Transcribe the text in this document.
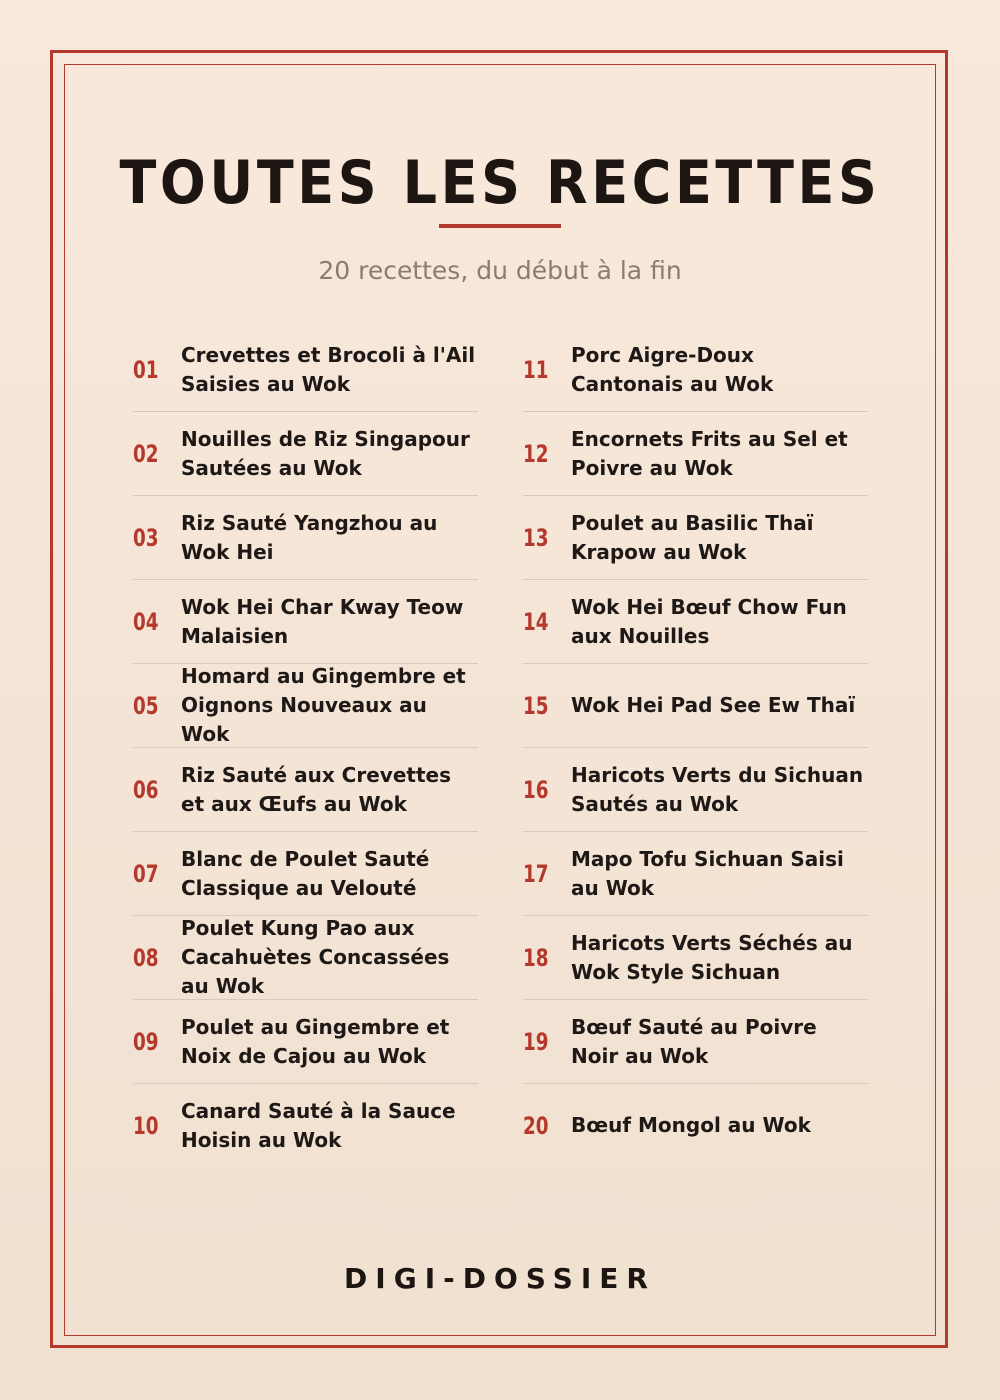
TOUTES LES RECETTES
20 recettes, du début à la fin
01
Crevettes et Brocoli à l'Ail Saisies au Wok
02
Nouilles de Riz Singapour Sautées au Wok
03
Riz Sauté Yangzhou au Wok Hei
04
Wok Hei Char Kway Teow Malaisien
05
Homard au Gingembre et Oignons Nouveaux au Wok
06
Riz Sauté aux Crevettes et aux Œufs au Wok
07
Blanc de Poulet Sauté Classique au Velouté
08
Poulet Kung Pao aux Cacahuètes Concassées au Wok
09
Poulet au Gingembre et Noix de Cajou au Wok
10
Canard Sauté à la Sauce Hoisin au Wok
11
Porc Aigre-Doux Cantonais au Wok
12
Encornets Frits au Sel et Poivre au Wok
13
Poulet au Basilic Thaï Krapow au Wok
14
Wok Hei Bœuf Chow Fun aux Nouilles
15	Wok Hei Pad See Ew Thaï
16
Haricots Verts du Sichuan Sautés au Wok
17
Mapo Tofu Sichuan Saisi au Wok
18
Haricots Verts Séchés au Wok Style Sichuan
19
Bœuf Sauté au Poivre Noir au Wok
20	Bœuf Mongol au Wok
DIGI-DOSSIER
